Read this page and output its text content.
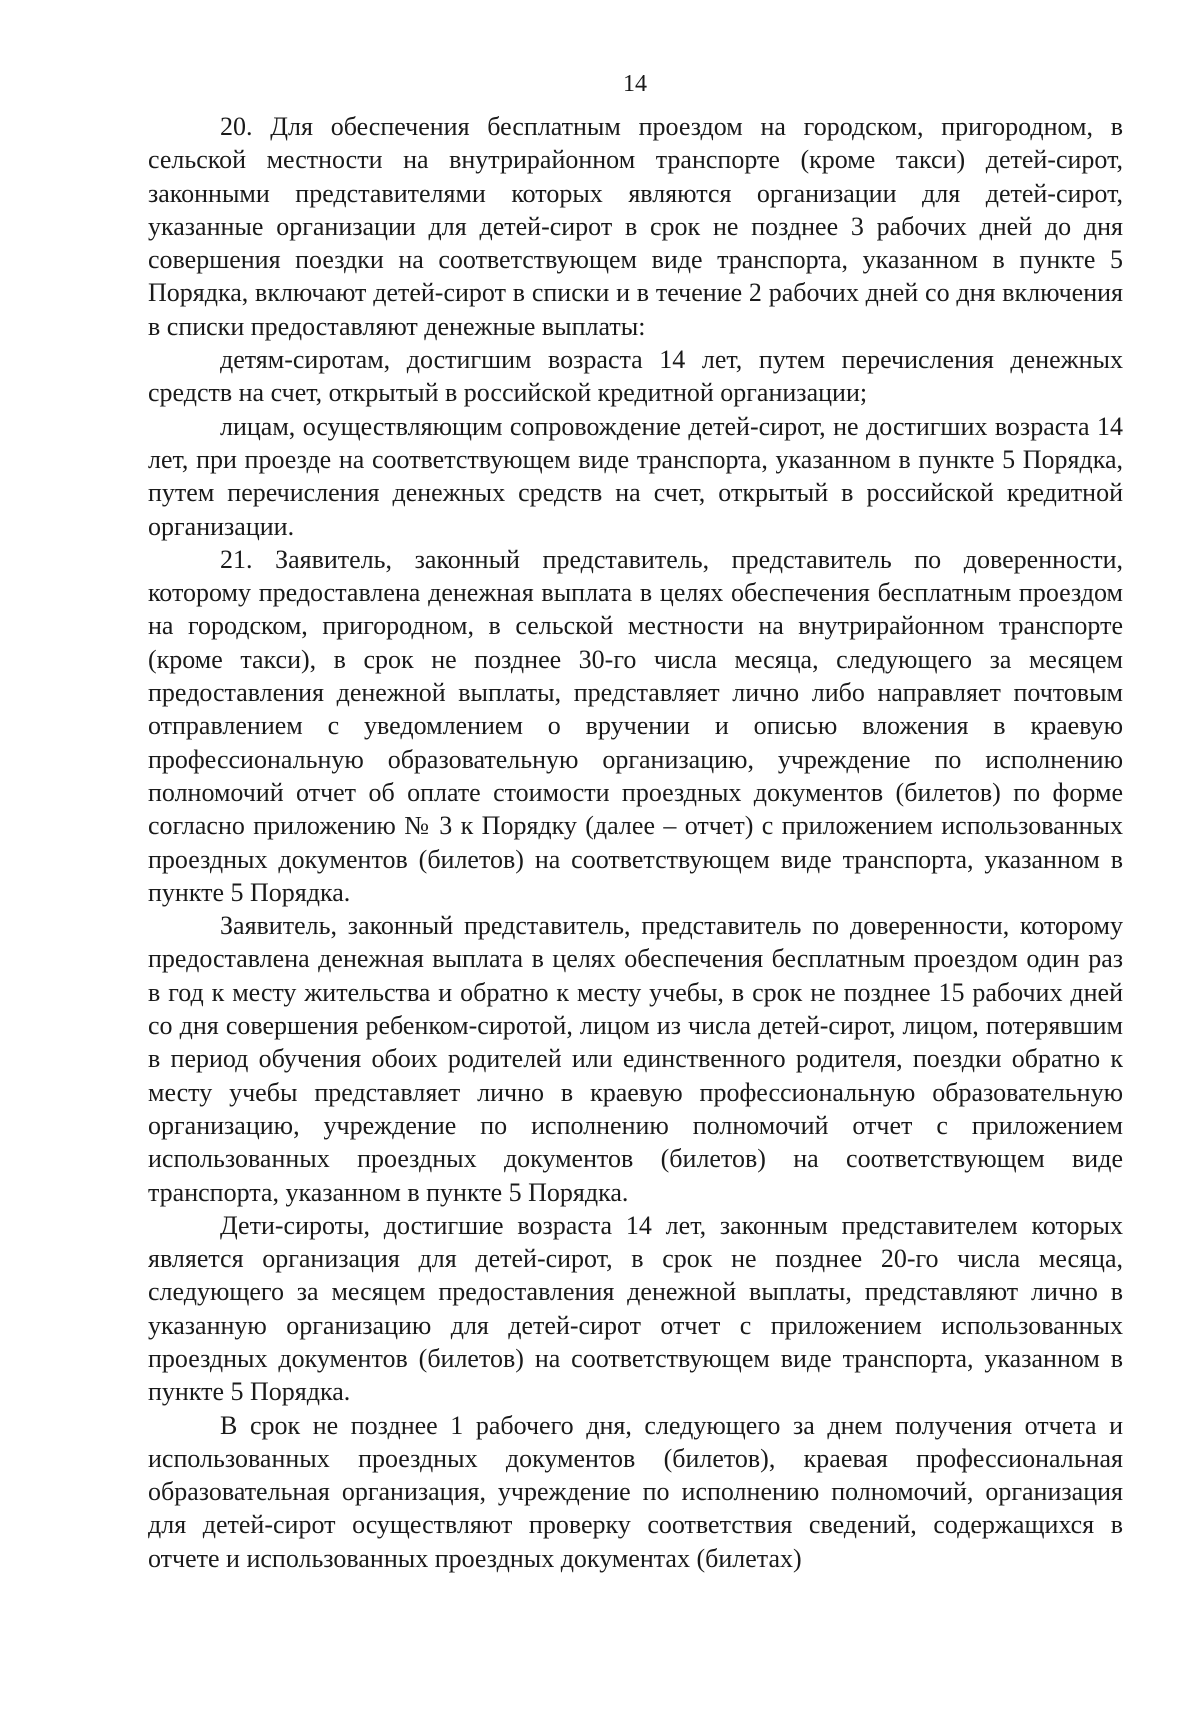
14

20. Для обеспечения бесплатным проездом на городском, пригородном, в сельской местности на внутрирайонном транспорте (кроме такси) детей-сирот, законными представителями которых являются организации для детей-сирот, указанные организации для детей-сирот в срок не позднее 3 рабочих дней до дня совершения поездки на соответствующем виде транспорта, указанном в пункте 5 Порядка, включают детей-сирот в списки и в течение 2 рабочих дней со дня включения в списки предоставляют денежные выплаты:

детям-сиротам, достигшим возраста 14 лет, путем перечисления денежных средств на счет, открытый в российской кредитной организации;

лицам, осуществляющим сопровождение детей-сирот, не достигших возраста 14 лет, при проезде на соответствующем виде транспорта, указанном в пункте 5 Порядка, путем перечисления денежных средств на счет, открытый в российской кредитной организации.

21. Заявитель, законный представитель, представитель по доверенности, которому предоставлена денежная выплата в целях обеспечения бесплатным проездом на городском, пригородном, в сельской местности на внутрирайонном транспорте (кроме такси), в срок не позднее 30-го числа месяца, следующего за месяцем предоставления денежной выплаты, представляет лично либо направляет почтовым отправлением с уведомлением о вручении и описью вложения в краевую профессиональную образовательную организацию, учреждение по исполнению полномочий отчет об оплате стоимости проездных документов (билетов) по форме согласно приложению № 3 к Порядку (далее – отчет) с приложением использованных проездных документов (билетов) на соответствующем виде транспорта, указанном в пункте 5 Порядка.

Заявитель, законный представитель, представитель по доверенности, которому предоставлена денежная выплата в целях обеспечения бесплатным проездом один раз в год к месту жительства и обратно к месту учебы, в срок не позднее 15 рабочих дней со дня совершения ребенком-сиротой, лицом из числа детей-сирот, лицом, потерявшим в период обучения обоих родителей или единственного родителя, поездки обратно к месту учебы представляет лично в краевую профессиональную образовательную организацию, учреждение по исполнению полномочий отчет с приложением использованных проездных документов (билетов) на соответствующем виде транспорта, указанном в пункте 5 Порядка.

Дети-сироты, достигшие возраста 14 лет, законным представителем которых является организация для детей-сирот, в срок не позднее 20-го числа месяца, следующего за месяцем предоставления денежной выплаты, представляют лично в указанную организацию для детей-сирот отчет с приложением использованных проездных документов (билетов) на соответствующем виде транспорта, указанном в пункте 5 Порядка.

В срок не позднее 1 рабочего дня, следующего за днем получения отчета и использованных проездных документов (билетов), краевая профессиональная образовательная организация, учреждение по исполнению полномочий, организация для детей-сирот осуществляют проверку соответствия сведений, содержащихся в отчете и использованных проездных документах (билетах)
